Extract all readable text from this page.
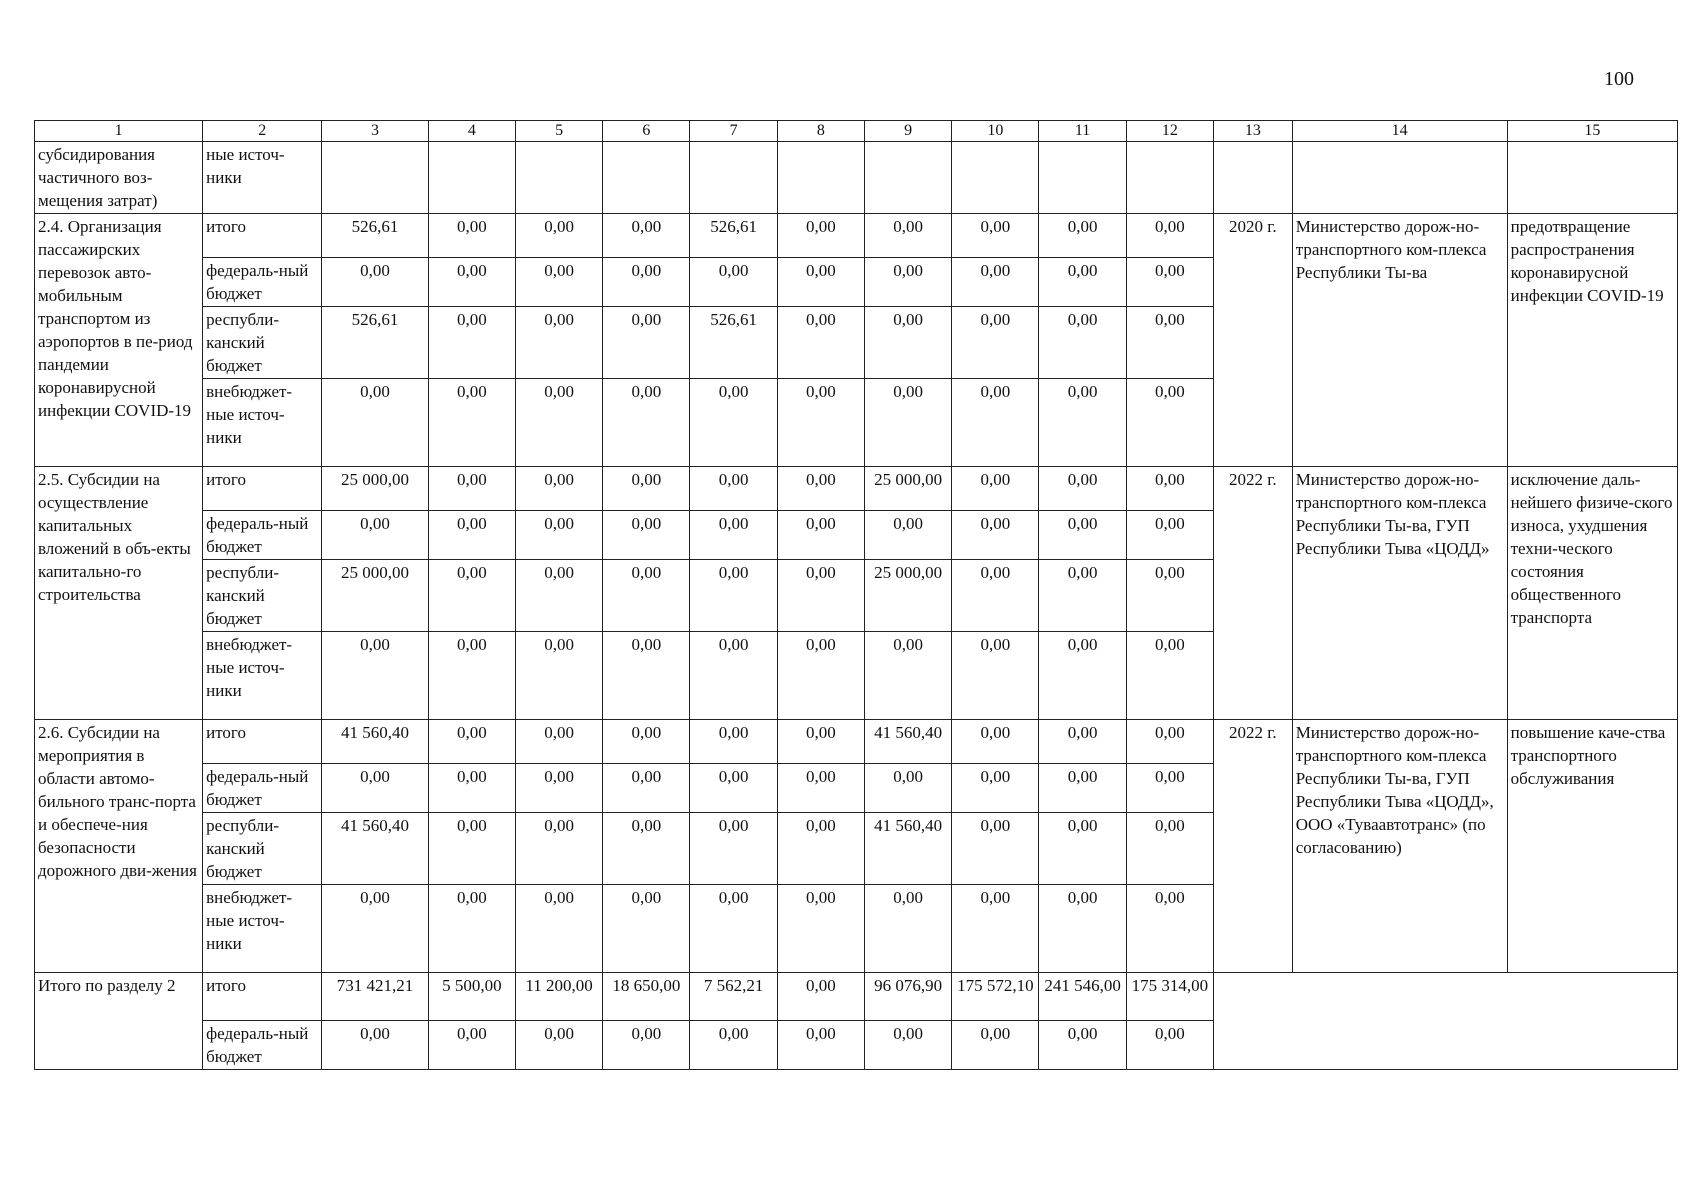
100
1	2	3	4	5	6	7	8	9	10	11	12	13	14	15
субсидирования частичного воз-мещения затрат)	ные источ-ники													
2.4. Организация пассажирских перевозок авто-мобильным транспортом из аэропортов в пе-риод пандемии коронавирусной инфекции COVID-19	итого	526,61	0,00	0,00	0,00	526,61	0,00	0,00	0,00	0,00	0,00	2020 г.	Министерство дорож-но-транспортного ком-плекса Республики Ты-ва	предотвращение распространения коронавирусной инфекции COVID-19
	федераль-ный бюджет	0,00	0,00	0,00	0,00	0,00	0,00	0,00	0,00	0,00	0,00			
	республи-канский бюджет	526,61	0,00	0,00	0,00	526,61	0,00	0,00	0,00	0,00	0,00			
	внебюджет-ные источ-ники	0,00	0,00	0,00	0,00	0,00	0,00	0,00	0,00	0,00	0,00			
2.5. Субсидии на осуществление капитальных вложений в объ-екты капитально-го строительства	итого	25 000,00	0,00	0,00	0,00	0,00	0,00	25 000,00	0,00	0,00	0,00	2022 г.	Министерство дорож-но-транспортного ком-плекса Республики Ты-ва, ГУП Республики Тыва «ЦОДД»	исключение даль-нейшего физиче-ского износа, ухудшения техни-ческого состояния общественного транспорта
	федераль-ный бюджет	0,00	0,00	0,00	0,00	0,00	0,00	0,00	0,00	0,00	0,00			
	республи-канский бюджет	25 000,00	0,00	0,00	0,00	0,00	0,00	25 000,00	0,00	0,00	0,00			
	внебюджет-ные источ-ники	0,00	0,00	0,00	0,00	0,00	0,00	0,00	0,00	0,00	0,00			
2.6. Субсидии на мероприятия в области автомо-бильного транс-порта и обеспече-ния безопасности дорожного дви-жения	итого	41 560,40	0,00	0,00	0,00	0,00	0,00	41 560,40	0,00	0,00	0,00	2022 г.	Министерство дорож-но-транспортного ком-плекса Республики Ты-ва, ГУП Республики Тыва «ЦОДД», ООО «Туваавтотранс» (по согласованию)	повышение каче-ства транспортного обслуживания
	федераль-ный бюджет	0,00	0,00	0,00	0,00	0,00	0,00	0,00	0,00	0,00	0,00			
	республи-канский бюджет	41 560,40	0,00	0,00	0,00	0,00	0,00	41 560,40	0,00	0,00	0,00			
	внебюджет-ные источ-ники	0,00	0,00	0,00	0,00	0,00	0,00	0,00	0,00	0,00	0,00			
Итого по разделу 2	итого	731 421,21	5 500,00	11 200,00	18 650,00	7 562,21	0,00	96 076,90	175 572,10	241 546,00	175 314,00			
	федераль-ный бюджет	0,00	0,00	0,00	0,00	0,00	0,00	0,00	0,00	0,00	0,00			
